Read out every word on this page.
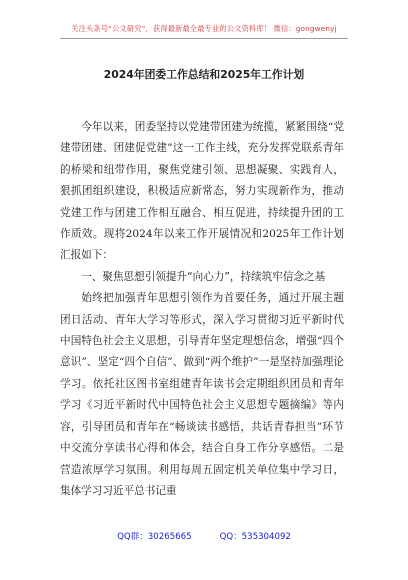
关注头条号“公文研究”，获得最新最全最专业的公文资料库！ 微信：gongwenyj
2024年团委工作总结和2025年工作计划

今年以来，团委坚持以党建带团建为统揽，紧紧围绕“党建带团建、团建促党建”这一工作主线，充分发挥党联系青年的桥梁和纽带作用，聚焦党建引领、思想凝聚、实践育人，狠抓团组织建设，积极适应新常态，努力实现新作为，推动党建工作与团建工作相互融合、相互促进，持续提升团的工作质效。现将2024年以来工作开展情况和2025年工作计划汇报如下：

一、聚焦思想引领提升“向心力”，持续筑牢信念之基

始终把加强青年思想引领作为首要任务，通过开展主题团日活动、青年大学习等形式，深入学习贯彻习近平新时代中国特色社会主义思想，引导青年坚定理想信念，增强“四个意识”、坚定“四个自信”、做到“两个维护”一是坚持加强理论学习。依托社区图书室组建青年读书会定期组织团员和青年学习《习近平新时代中国特色社会主义思想专题摘编》等内容，引导团员和青年在“畅谈读书感悟，共话青春担当”环节中交流分享读书心得和体会，结合自身工作分享感悟。二是营造浓厚学习氛围。利用每周五固定机关单位集中学习日，集体学习习近平总书记重

QQ群：30265665	QQ：535304092
